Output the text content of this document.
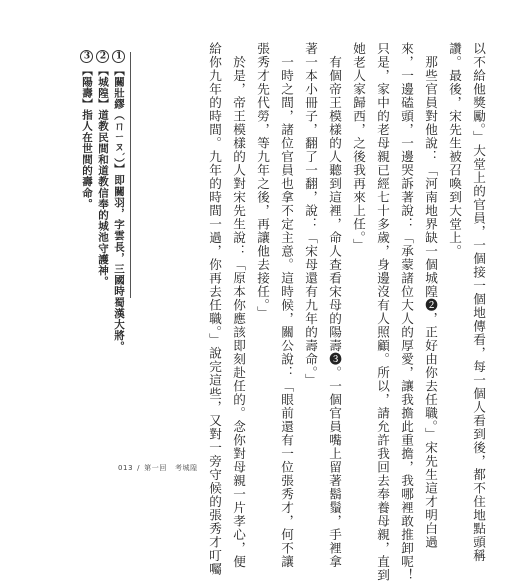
以不給他獎勵。」大堂上的官員，一個接一個地傳看，每一個人看到後，都不住地點頭稱
讚。最後，宋先生被召喚到大堂上。
　那些官員對他說：「河南地界缺一個城隍❷，正好由你去任職。」宋先生這才明白過
來，一邊磕頭，一邊哭訴著說：「承蒙諸位大人的厚愛，讓我擔此重擔，我哪裡敢推卸呢！
只是，家中的老母親已經七十多歲，身邊沒有人照顧。所以，請允許我回去奉養母親，直到
她老人家歸西，之後我再來上任。」
　有個帝王模樣的人聽到這裡，命人查看宋母的陽壽❸。一個官員嘴上留著鬍鬚，手裡拿
著一本小冊子，翻了一翻，說：「宋母還有九年的壽命。」
　一時之間，諸位官員也拿不定主意。這時候，關公說：「眼前還有一位張秀才，何不讓
張秀才先代勞，等九年之後，再讓他去接任。」
　於是，帝王模樣的人對宋先生說：「原本你應該即刻赴任的。念你對母親一片孝心，便
給你九年的時間。九年的時間一過，你再去任職。」說完這些，又對一旁守候的張秀才叮囑
1【關壯繆（ㄇㄧㄡˋ）】即關羽，字雲長，三國時蜀漢大將。
2【城隍】道教民間和道教信奉的城池守護神。
3【陽壽】指人在世間的壽命。
013 / 第一回 考城隍
